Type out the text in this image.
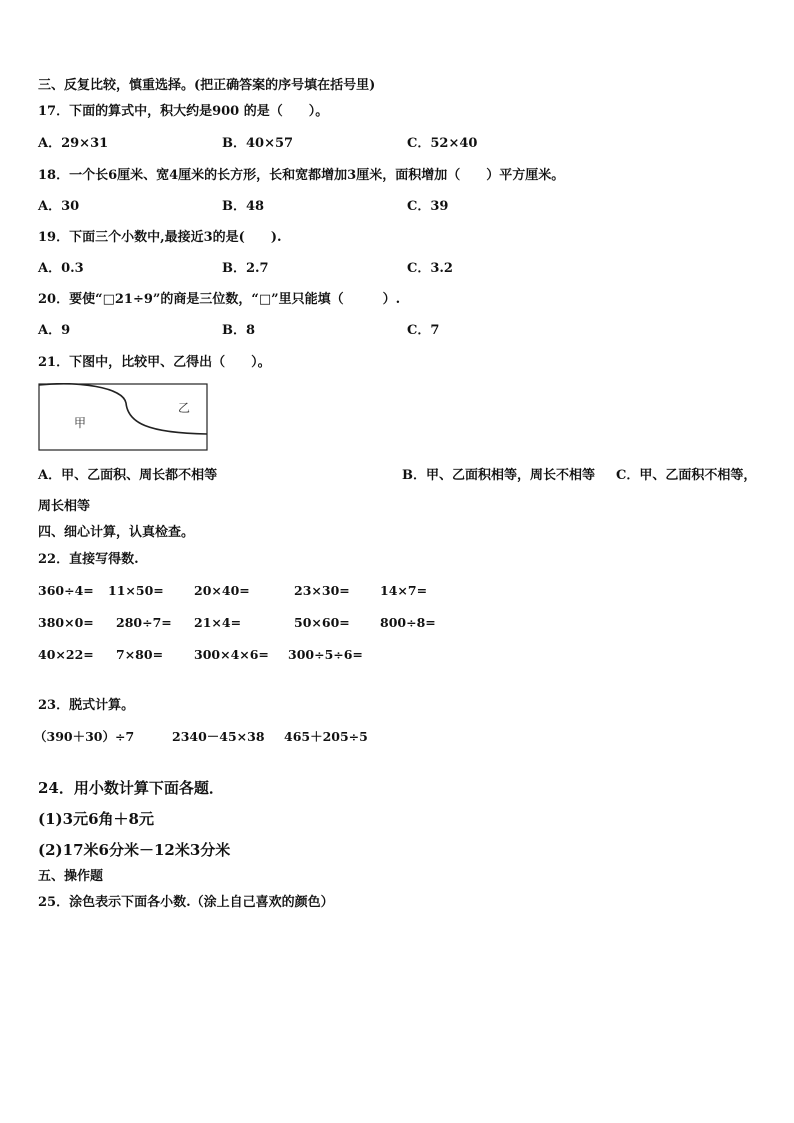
三、反复比较，慎重选择。(把正确答案的序号填在括号里)
17．下面的算式中，积大约是900 的是（　　）。
A．29×31	B．40×57	C．52×40
18．一个长6厘米、宽4厘米的长方形，长和宽都增加3厘米，面积增加（　　）平方厘米。
A．30	B．48	C．39
19．下面三个小数中,最接近3的是(　　).
A．0.3	B．2.7	C．3.2
20．要使“□21÷9”的商是三位数，“□”里只能填（　　　）.
A．9	B．8	C．7
21．下图中，比较甲、乙得出（　　）。
甲
乙
A．甲、乙面积、周长都不相等	B．甲、乙面积相等，周长不相等 C．甲、乙面积不相等，
周长相等
四、细心计算，认真检查。
22．直接写得数.
360÷4= 11×50= 20×40=	23×30= 14×7=
380×0= 280÷7= 21×4=	50×60= 800÷8=
40×22= 7×80= 300×4×6= 300÷5÷6=
23．脱式计算。
（390＋30）÷7	2340－45×38 465＋205÷5
24．用小数计算下面各题．
(1)3元6角＋8元
(2)17米6分米－12米3分米
五、操作题
25．涂色表示下面各小数.（涂上自己喜欢的颜色）
